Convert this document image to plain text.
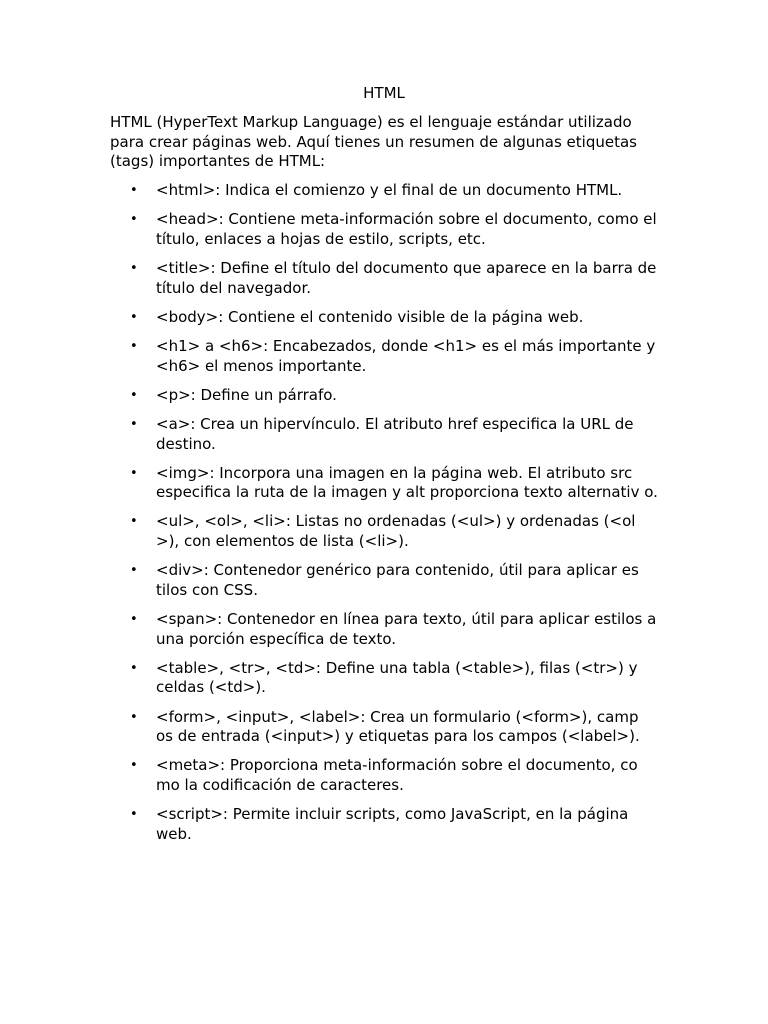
HTML

HTML (HyperText Markup Language) es el lenguaje estándar utilizado para crear páginas web. Aquí tienes un resumen de algunas etiquetas (tags) importantes de HTML:

• <html>: Indica el comienzo y el final de un documento HTML.
• <head>: Contiene meta-información sobre el documento, como el título, enlaces a hojas de estilo, scripts, etc.
• <title>: Define el título del documento que aparece en la barra de título del navegador.
• <body>: Contiene el contenido visible de la página web.
• <h1> a <h6>: Encabezados, donde <h1> es el más importante y <h6> el menos importante.
• <p>: Define un párrafo.
• <a>: Crea un hipervínculo. El atributo href especifica la URL de destino.
• <img>: Incorpora una imagen en la página web. El atributo src especifica la ruta de la imagen y alt proporciona texto alternativ o.
• <ul>, <ol>, <li>: Listas no ordenadas (<ul>) y ordenadas (<ol >), con elementos de lista (<li>).
• <div>: Contenedor genérico para contenido, útil para aplicar es tilos con CSS.
• <span>: Contenedor en línea para texto, útil para aplicar estilos a una porción específica de texto.
• <table>, <tr>, <td>: Define una tabla (<table>), filas (<tr>) y celdas (<td>).
• <form>, <input>, <label>: Crea un formulario (<form>), camp os de entrada (<input>) y etiquetas para los campos (<label>).
• <meta>: Proporciona meta-información sobre el documento, co mo la codificación de caracteres.
• <script>: Permite incluir scripts, como JavaScript, en la página web.
